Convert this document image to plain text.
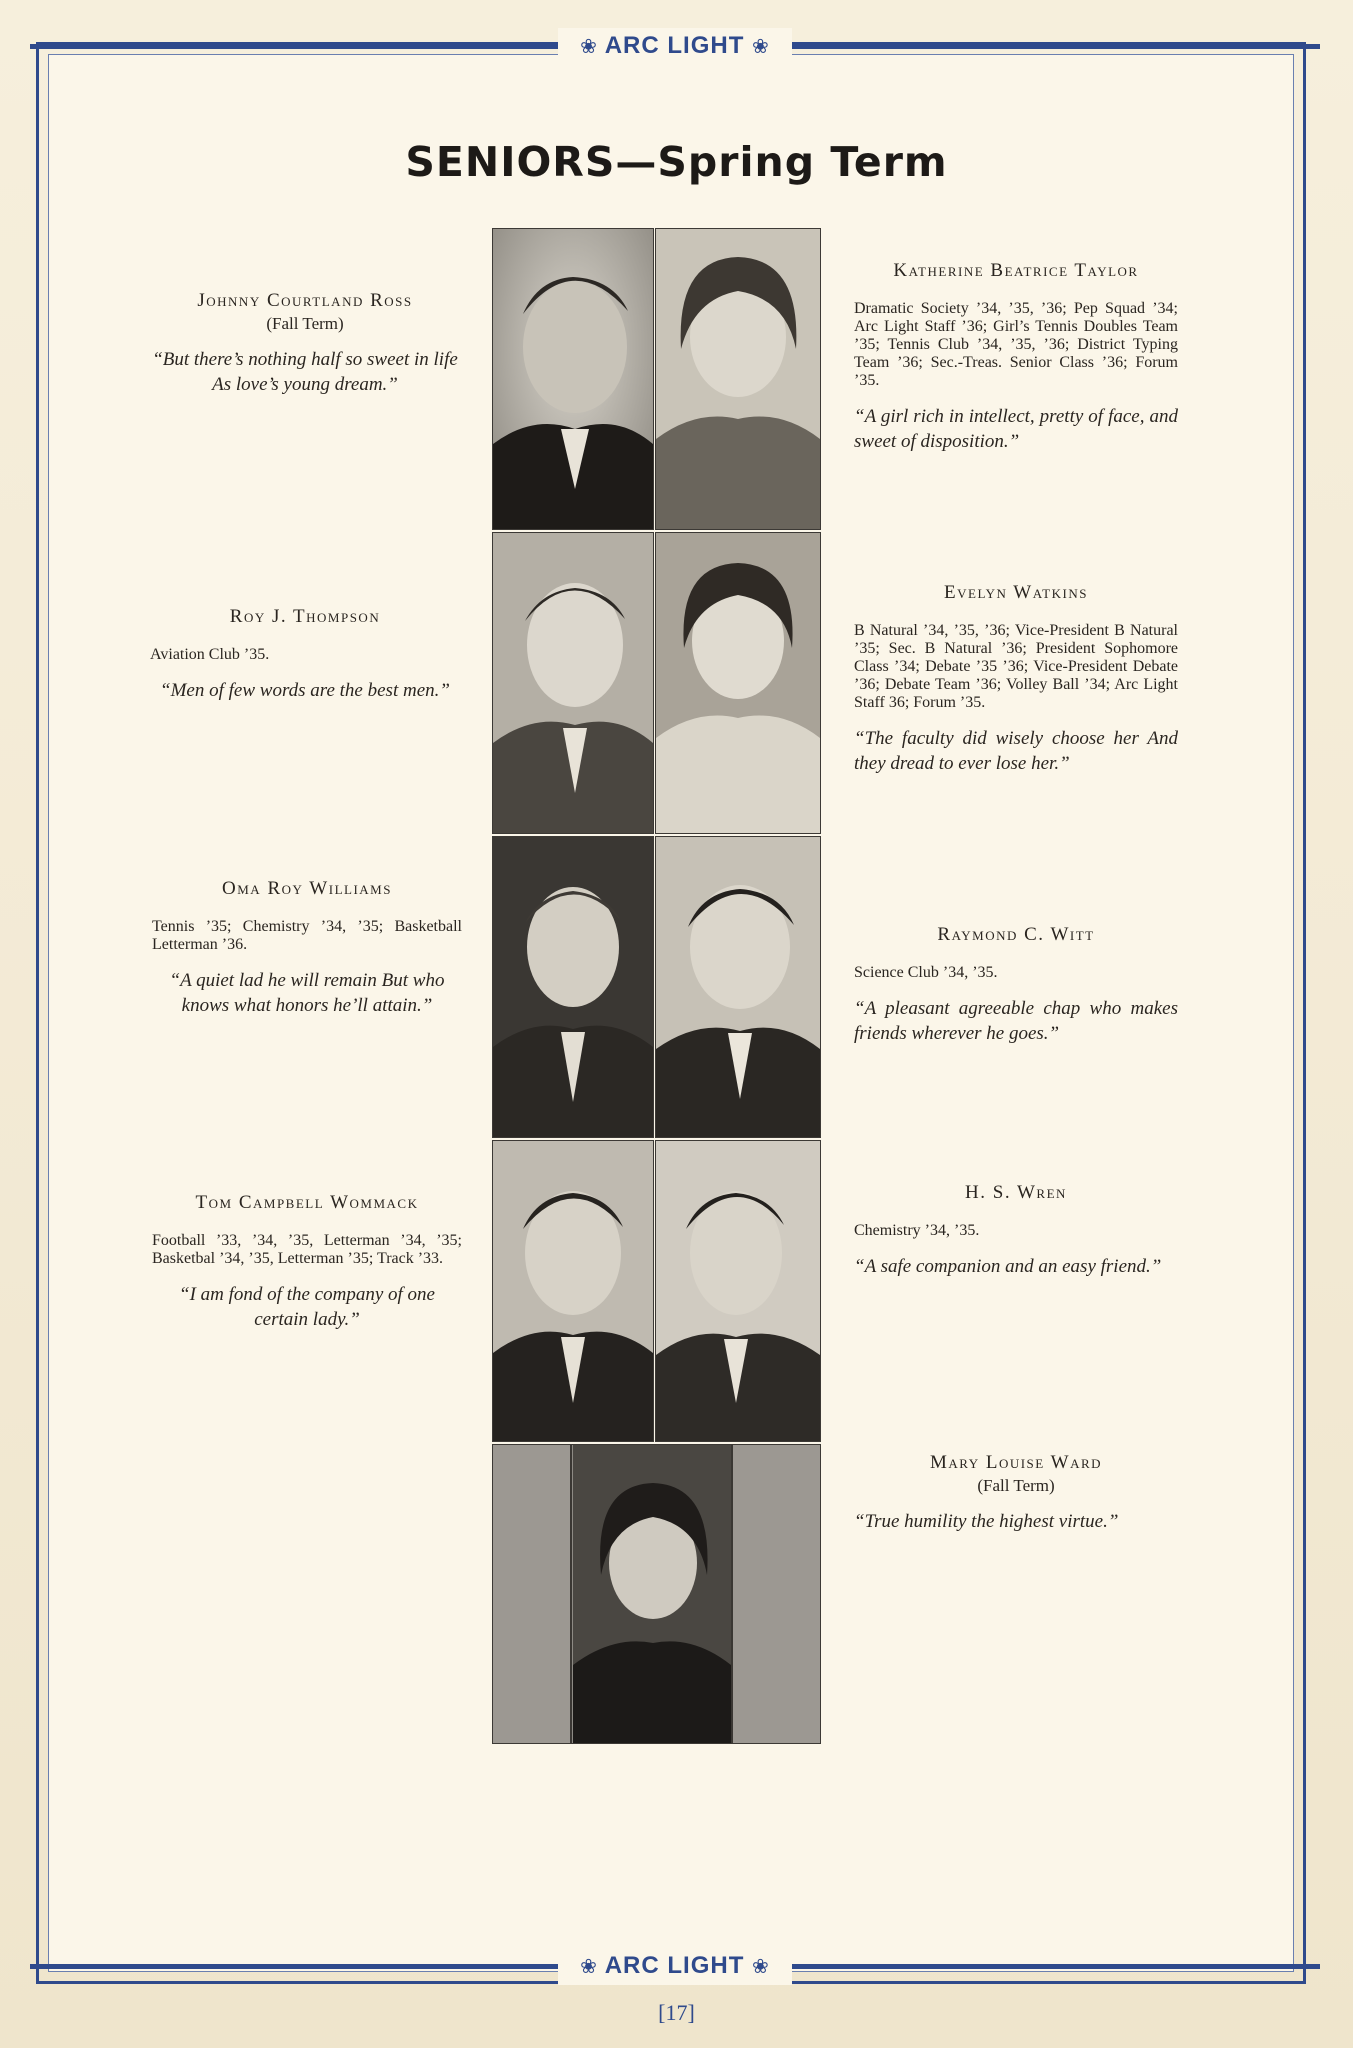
❀ ARC LIGHT ❀
SENIORS—Spring Term
Johnny Courtland Ross
(Fall Term)
“But there’s nothing half so sweet in life As love’s young dream.”
Roy J. Thompson
Aviation Club ’35.
“Men of few words are the best men.”
Oma Roy Williams
Tennis ’35; Chemistry ’34, ’35; Basketball Letterman ’36.
“A quiet lad he will remain But who knows what honors he’ll attain.”
Tom Campbell Wommack
Football ’33, ’34, ’35, Letterman ’34, ’35; Basketbal ’34, ’35, Letterman ’35; Track ’33.
“I am fond of the company of one certain lady.”
Katherine Beatrice Taylor
Dramatic Society ’34, ’35, ’36; Pep Squad ’34; Arc Light Staff ’36; Girl’s Tennis Doubles Team ’35; Tennis Club ’34, ’35, ’36; District Typing Team ’36; Sec.-Treas. Senior Class ’36; Forum ’35.
“A girl rich in intellect, pretty of face, and sweet of disposition.”
Evelyn Watkins
B Natural ’34, ’35, ’36; Vice-President B Natural ’35; Sec. B Natural ’36; President Sophomore Class ’34; Debate ’35 ’36; Vice-President Debate ’36; Debate Team ’36; Volley Ball ’34; Arc Light Staff 36; Forum ’35.
“The faculty did wisely choose her And they dread to ever lose her.”
Raymond C. Witt
Science Club ’34, ’35.
“A pleasant agreeable chap who makes friends wherever he goes.”
H. S. Wren
Chemistry ’34, ’35.
“A safe companion and an easy friend.”
Mary Louise Ward
(Fall Term)
“True humility the highest virtue.”
❀ ARC LIGHT ❀
[17]
